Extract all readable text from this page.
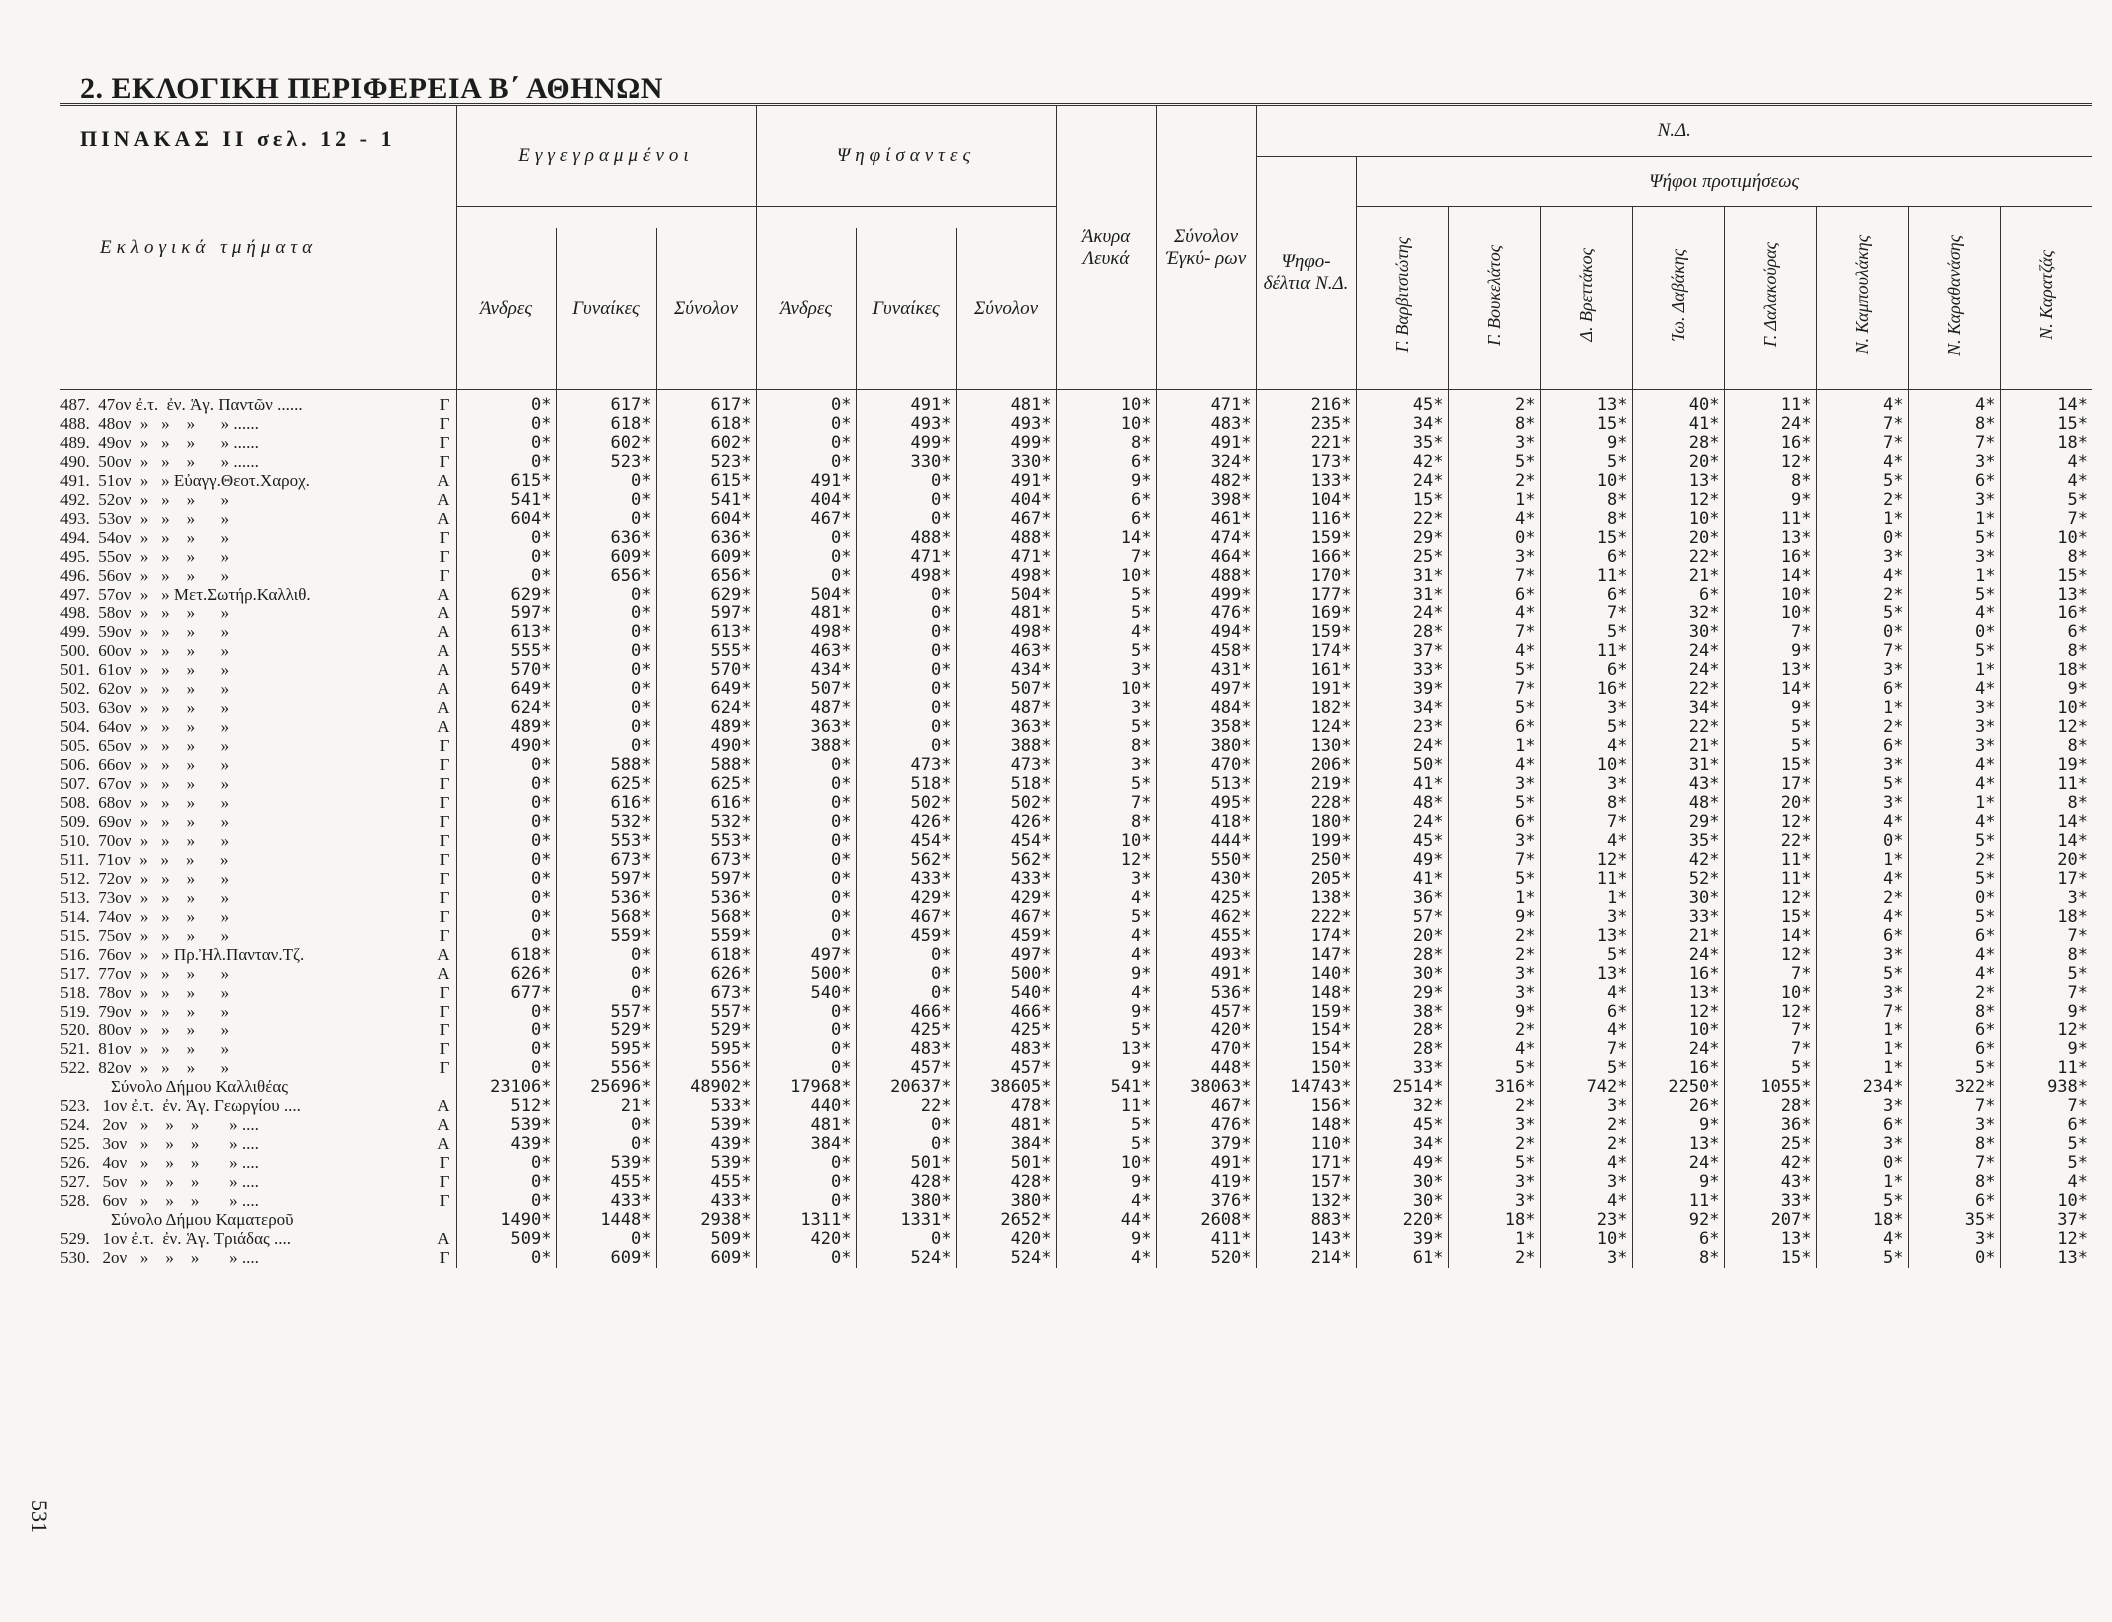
2. ΕΚΛΟΓΙΚΗ ΠΕΡΙΦΕΡΕΙΑ Β΄ ΑΘΗΝΩΝ
ΠΙΝΑΚΑΣ ΙΙ σελ. 12 - 1
531
Εκλογικά τμήματα	Εγγεγραμμένοι			Ψηφίσαντες			Άκυρα Λευκά	Σύνολον Έγκύ- ρων	Ν.Δ.								
									Ψηφο- δέλτια Ν.Δ.	Ψήφοι προτιμήσεως							
										Γ. Βαρβιτσιώτης	Γ. Βουκελάτος	Δ. Βρεττάκος	Ίω. Δαβάκης	Γ. Δαλακούρας	Ν. Καμπουλάκης	Ν. Καραθανάσης	Ν. Καρατζάς
	Άνδρες	Γυναίκες	Σύνολον	Άνδρες	Γυναίκες	Σύνολον											

487.  47ον ἐ.τ.  ἐν. Ἁγ. Παντῶν ...... Γ	0*	617*	617*	0*	491*	481*	10*	471*	216*	45*	2*	13*	40*	11*	4*	4*	14*

488.  48ον  »   »    »      » ...... Γ	0*	618*	618*	0*	493*	493*	10*	483*	235*	34*	8*	15*	41*	24*	7*	8*	15*

489.  49ον  »   »    »      » ...... Γ	0*	602*	602*	0*	499*	499*	8*	491*	221*	35*	3*	9*	28*	16*	7*	7*	18*

490.  50ον  »   »    »      » ...... Γ	0*	523*	523*	0*	330*	330*	6*	324*	173*	42*	5*	5*	20*	12*	4*	3*	4*

491.  51ον  »   » Εὐαγγ.Θεοτ.Χαροχ. Α	615*	0*	615*	491*	0*	491*	9*	482*	133*	24*	2*	10*	13*	8*	5*	6*	4*

492.  52ον  »   »    »      » Α	541*	0*	541*	404*	0*	404*	6*	398*	104*	15*	1*	8*	12*	9*	2*	3*	5*

493.  53ον  »   »    »      » Α	604*	0*	604*	467*	0*	467*	6*	461*	116*	22*	4*	8*	10*	11*	1*	1*	7*

494.  54ον  »   »    »      » Γ	0*	636*	636*	0*	488*	488*	14*	474*	159*	29*	0*	15*	20*	13*	0*	5*	10*

495.  55ον  »   »    »      » Γ	0*	609*	609*	0*	471*	471*	7*	464*	166*	25*	3*	6*	22*	16*	3*	3*	8*

496.  56ον  »   »    »      » Γ	0*	656*	656*	0*	498*	498*	10*	488*	170*	31*	7*	11*	21*	14*	4*	1*	15*

497.  57ον  »   » Μετ.Σωτήρ.Καλλιθ. Α	629*	0*	629*	504*	0*	504*	5*	499*	177*	31*	6*	6*	6*	10*	2*	5*	13*

498.  58ον  »   »    »      » Α	597*	0*	597*	481*	0*	481*	5*	476*	169*	24*	4*	7*	32*	10*	5*	4*	16*

499.  59ον  »   »    »      » Α	613*	0*	613*	498*	0*	498*	4*	494*	159*	28*	7*	5*	30*	7*	0*	0*	6*

500.  60ον  »   »    »      » Α	555*	0*	555*	463*	0*	463*	5*	458*	174*	37*	4*	11*	24*	9*	7*	5*	8*

501.  61ον  »   »    »      » Α	570*	0*	570*	434*	0*	434*	3*	431*	161*	33*	5*	6*	24*	13*	3*	1*	18*

502.  62ον  »   »    »      » Α	649*	0*	649*	507*	0*	507*	10*	497*	191*	39*	7*	16*	22*	14*	6*	4*	9*

503.  63ον  »   »    »      » Α	624*	0*	624*	487*	0*	487*	3*	484*	182*	34*	5*	3*	34*	9*	1*	3*	10*

504.  64ον  »   »    »      » Α	489*	0*	489*	363*	0*	363*	5*	358*	124*	23*	6*	5*	22*	5*	2*	3*	12*

505.  65ον  »   »    »      » Γ	490*	0*	490*	388*	0*	388*	8*	380*	130*	24*	1*	4*	21*	5*	6*	3*	8*

506.  66ον  »   »    »      » Γ	0*	588*	588*	0*	473*	473*	3*	470*	206*	50*	4*	10*	31*	15*	3*	4*	19*

507.  67ον  »   »    »      » Γ	0*	625*	625*	0*	518*	518*	5*	513*	219*	41*	3*	3*	43*	17*	5*	4*	11*

508.  68ον  »   »    »      » Γ	0*	616*	616*	0*	502*	502*	7*	495*	228*	48*	5*	8*	48*	20*	3*	1*	8*

509.  69ον  »   »    »      » Γ	0*	532*	532*	0*	426*	426*	8*	418*	180*	24*	6*	7*	29*	12*	4*	4*	14*

510.  70ον  »   »    »      » Γ	0*	553*	553*	0*	454*	454*	10*	444*	199*	45*	3*	4*	35*	22*	0*	5*	14*

511.  71ον  »   »    »      » Γ	0*	673*	673*	0*	562*	562*	12*	550*	250*	49*	7*	12*	42*	11*	1*	2*	20*

512.  72ον  »   »    »      » Γ	0*	597*	597*	0*	433*	433*	3*	430*	205*	41*	5*	11*	52*	11*	4*	5*	17*

513.  73ον  »   »    »      » Γ	0*	536*	536*	0*	429*	429*	4*	425*	138*	36*	1*	1*	30*	12*	2*	0*	3*

514.  74ον  »   »    »      » Γ	0*	568*	568*	0*	467*	467*	5*	462*	222*	57*	9*	3*	33*	15*	4*	5*	18*

515.  75ον  »   »    »      » Γ	0*	559*	559*	0*	459*	459*	4*	455*	174*	20*	2*	13*	21*	14*	6*	6*	7*

516.  76ον  »   » Πρ.Ἠλ.Πανταν.Τζ. Α	618*	0*	618*	497*	0*	497*	4*	493*	147*	28*	2*	5*	24*	12*	3*	4*	8*

517.  77ον  »   »    »      » Α	626*	0*	626*	500*	0*	500*	9*	491*	140*	30*	3*	13*	16*	7*	5*	4*	5*

518.  78ον  »   »    »      » Γ	677*	0*	673*	540*	0*	540*	4*	536*	148*	29*	3*	4*	13*	10*	3*	2*	7*

519.  79ον  »   »    »      » Γ	0*	557*	557*	0*	466*	466*	9*	457*	159*	38*	9*	6*	12*	12*	7*	8*	9*

520.  80ον  »   »    »      » Γ	0*	529*	529*	0*	425*	425*	5*	420*	154*	28*	2*	4*	10*	7*	1*	6*	12*

521.  81ον  »   »    »      » Γ	0*	595*	595*	0*	483*	483*	13*	470*	154*	28*	4*	7*	24*	7*	1*	6*	9*

522.  82ον  »   »    »      » Γ	0*	556*	556*	0*	457*	457*	9*	448*	150*	33*	5*	5*	16*	5*	1*	5*	11*

Σύνολο Δήμου Καλλιθέας	23106*	25696*	48902*	17968*	20637*	38605*	541*	38063*	14743*	2514*	316*	742*	2250*	1055*	234*	322*	938*

523.   1ον ἐ.τ.  ἐν. Ἁγ. Γεωργίου .... Α	512*	21*	533*	440*	22*	478*	11*	467*	156*	32*	2*	3*	26*	28*	3*	7*	7*

524.   2ον   »    »    »       » .... Α	539*	0*	539*	481*	0*	481*	5*	476*	148*	45*	3*	2*	9*	36*	6*	3*	6*

525.   3ον   »    »    »       » .... Α	439*	0*	439*	384*	0*	384*	5*	379*	110*	34*	2*	2*	13*	25*	3*	8*	5*

526.   4ον   »    »    »       » .... Γ	0*	539*	539*	0*	501*	501*	10*	491*	171*	49*	5*	4*	24*	42*	0*	7*	5*

527.   5ον   »    »    »       » .... Γ	0*	455*	455*	0*	428*	428*	9*	419*	157*	30*	3*	3*	9*	43*	1*	8*	4*

528.   6ον   »    »    »       » .... Γ	0*	433*	433*	0*	380*	380*	4*	376*	132*	30*	3*	4*	11*	33*	5*	6*	10*

Σύνολο Δήμου Καματεροῦ	1490*	1448*	2938*	1311*	1331*	2652*	44*	2608*	883*	220*	18*	23*	92*	207*	18*	35*	37*

529.   1ον ἐ.τ.  ἐν. Ἁγ. Τριάδας .... Α	509*	0*	509*	420*	0*	420*	9*	411*	143*	39*	1*	10*	6*	13*	4*	3*	12*

530.   2ον   »    »    »       » .... Γ	0*	609*	609*	0*	524*	524*	4*	520*	214*	61*	2*	3*	8*	15*	5*	0*	13*
